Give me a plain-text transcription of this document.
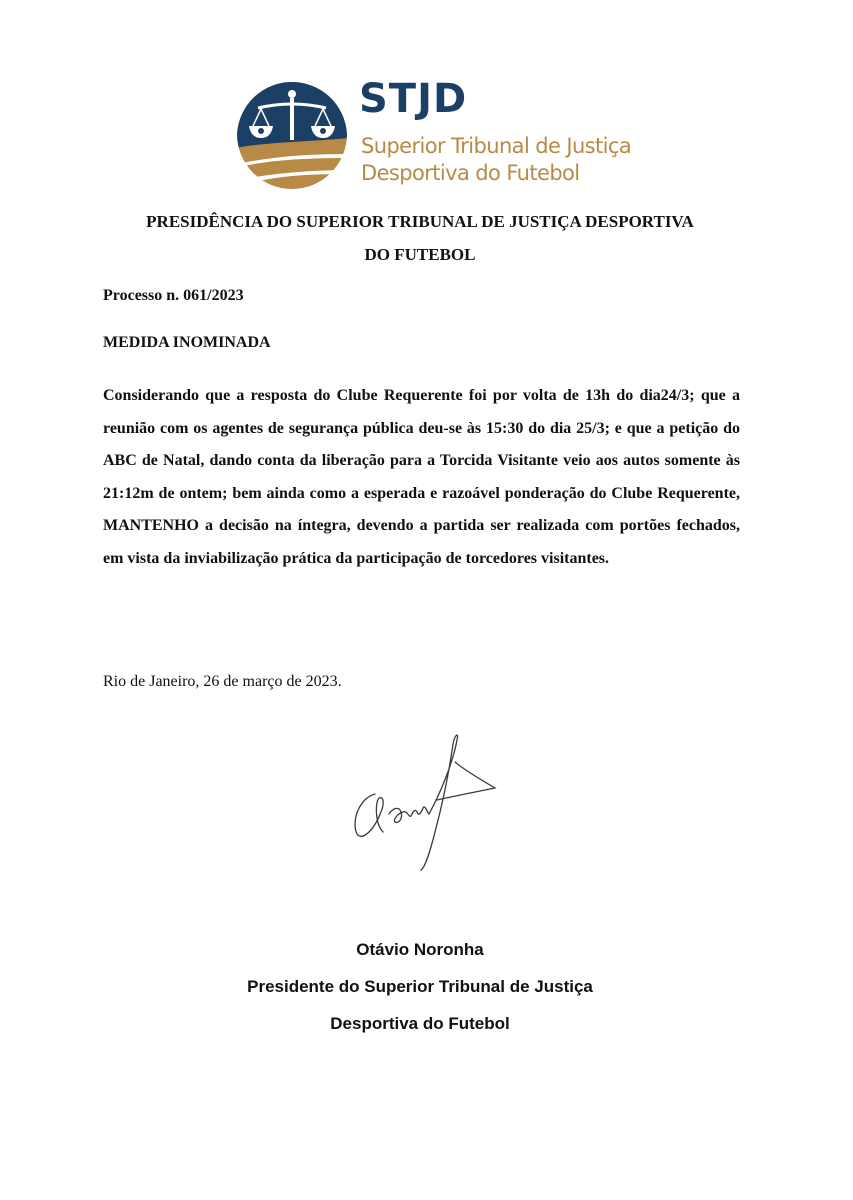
STJD
Superior Tribunal de Justiça
Desportiva do Futebol
PRESIDÊNCIA DO SUPERIOR TRIBUNAL DE JUSTIÇA DESPORTIVA
DO FUTEBOL
Processo n. 061/2023
MEDIDA INOMINADA

Considerando que a resposta do Clube Requerente foi por volta de 13h do dia24/3; que a reunião com os agentes de segurança pública deu-se às 15:30 do dia 25/3; e que a petição do ABC de Natal, dando conta da liberação para a Torcida Visitante veio aos autos somente às 21:12m de ontem; bem ainda como a esperada e razoável ponderação do Clube Requerente, MANTENHO a decisão na íntegra, devendo a partida ser realizada com portões fechados, em vista da inviabilização prática da participação de torcedores visitantes.

Rio de Janeiro, 26 de março de 2023.
Otávio Noronha
Presidente do Superior Tribunal de Justiça
Desportiva do Futebol
